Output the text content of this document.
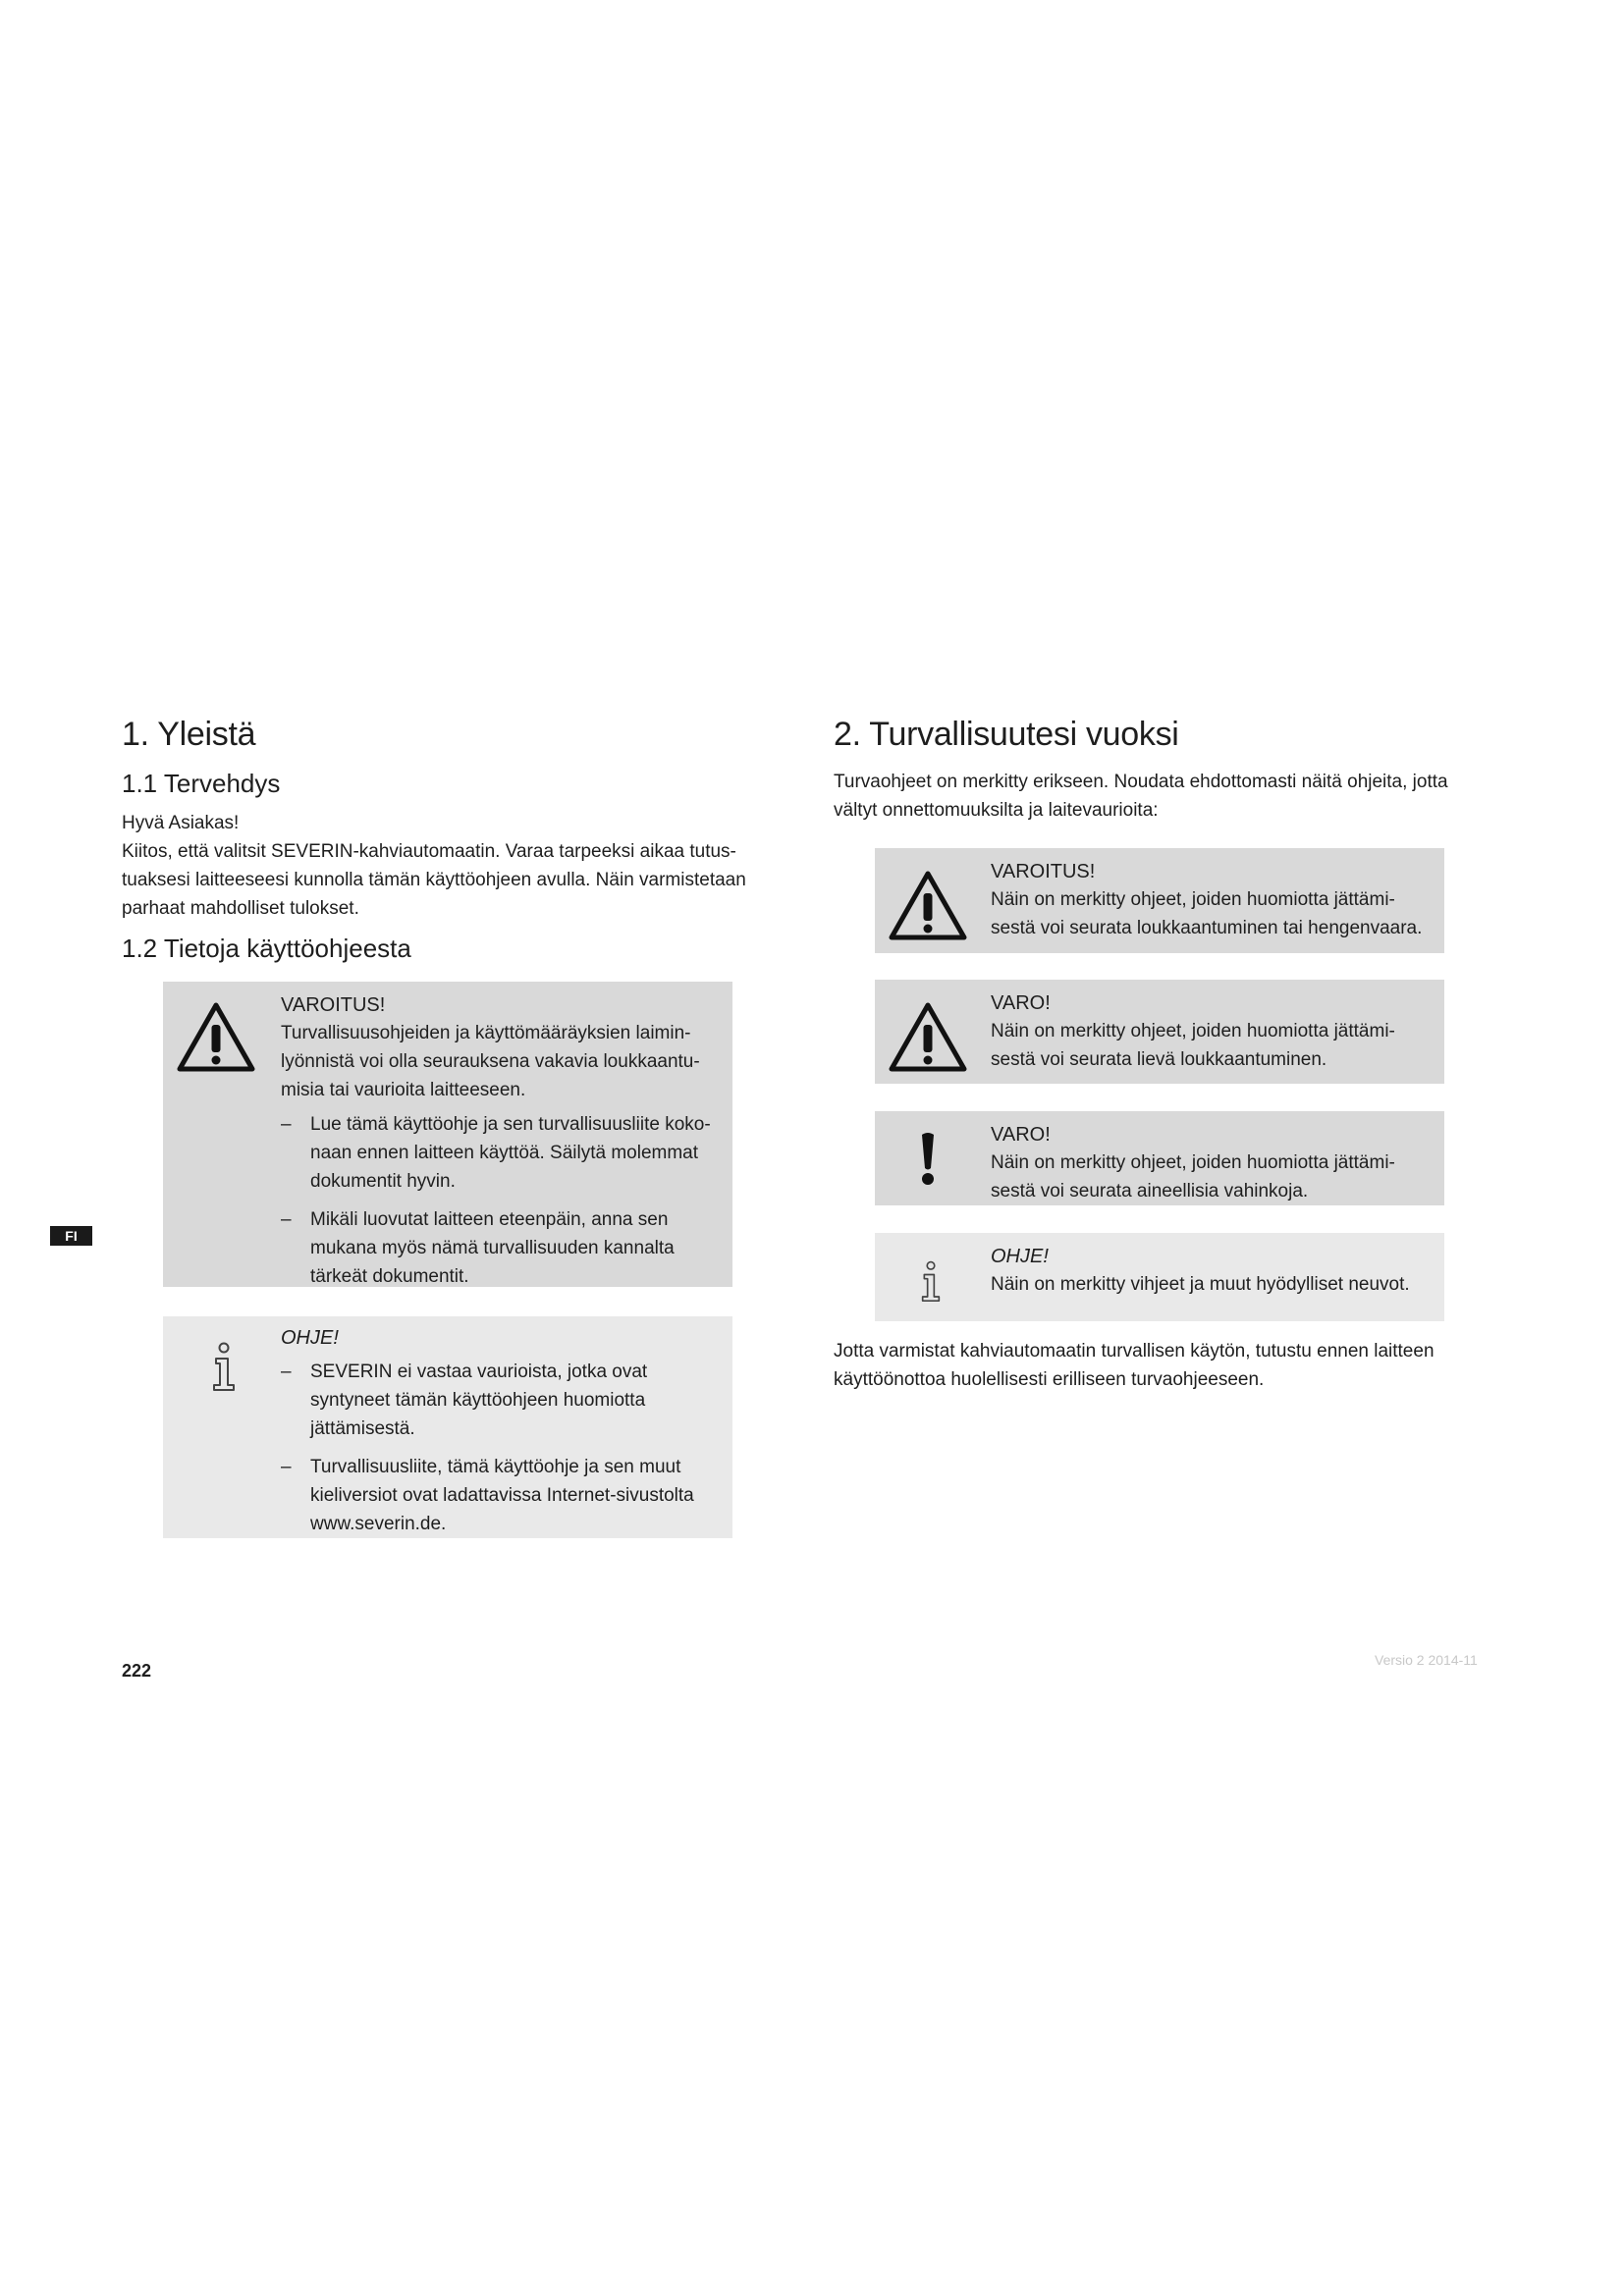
FI
1. Yleistä
1.1 Tervehdys

Hyvä Asiakas!

Kiitos, että valitsit SEVERIN-kahviautomaatin. Varaa tarpeeksi aikaa tutus-

tuaksesi laitteeseesi kunnolla tämän käyttöohjeen avulla. Näin varmistetaan

parhaat mahdolliset tulokset.

1.2 Tietoja käyttöohjeesta
VAROITUS!
Turvallisuusohjeiden ja käyttömääräyksien laimin-
lyönnistä voi olla seurauksena vakavia loukkaantu-
misia tai vaurioita laitteeseen.
– Lue tämä käyttöohje ja sen turvallisuusliite koko-
naan ennen laitteen käyttöä. Säilytä molemmat
dokumentit hyvin.
– Mikäli luovutat laitteen eteenpäin, anna sen
mukana myös nämä turvallisuuden kannalta
tärkeät dokumentit.
OHJE!
– SEVERIN ei vastaa vaurioista, jotka ovat
syntyneet tämän käyttöohjeen huomiotta
jättämisestä.
– Turvallisuusliite, tämä käyttöohje ja sen muut
kieliversiot ovat ladattavissa Internet-sivustolta
www.severin.de.
2. Turvallisuutesi vuoksi

Turvaohjeet on merkitty erikseen. Noudata ehdottomasti näitä ohjeita, jotta

vältyt onnettomuuksilta ja laitevaurioita:

VAROITUS!
Näin on merkitty ohjeet, joiden huomiotta jättämi-
sestä voi seurata loukkaantuminen tai hengenvaara.
VARO!
Näin on merkitty ohjeet, joiden huomiotta jättämi-
sestä voi seurata lievä loukkaantuminen.
VARO!
Näin on merkitty ohjeet, joiden huomiotta jättämi-
sestä voi seurata aineellisia vahinkoja.
OHJE!
Näin on merkitty vihjeet ja muut hyödylliset neuvot.

Jotta varmistat kahviautomaatin turvallisen käytön, tutustu ennen laitteen

käyttöönottoa huolellisesti erilliseen turvaohjeeseen.

222
Versio 2 2014-11
